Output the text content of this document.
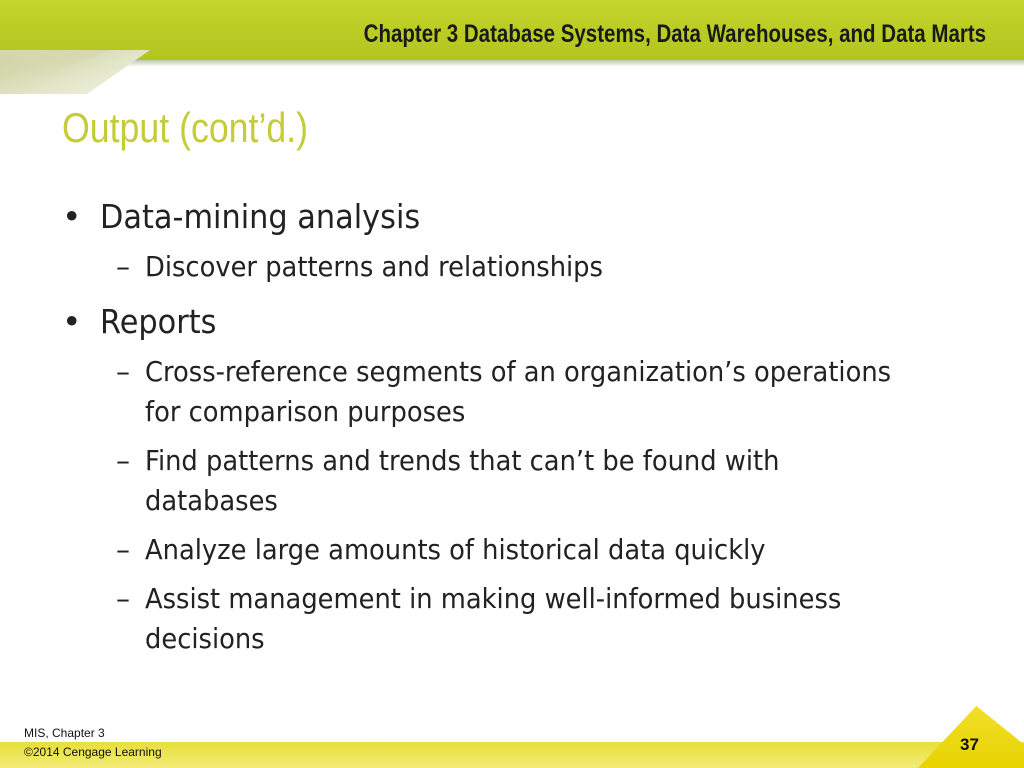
Chapter 3 Database Systems, Data Warehouses, and Data Marts
Output (cont’d.)
• Data-mining analysis
– Discover patterns and relationships
• Reports
– Cross-reference segments of an organization’s operations for comparison purposes
– Find patterns and trends that can’t be found with databases
– Analyze large amounts of historical data quickly
– Assist management in making well-informed business decisions
MIS, Chapter 3
©2014 Cengage Learning	37
